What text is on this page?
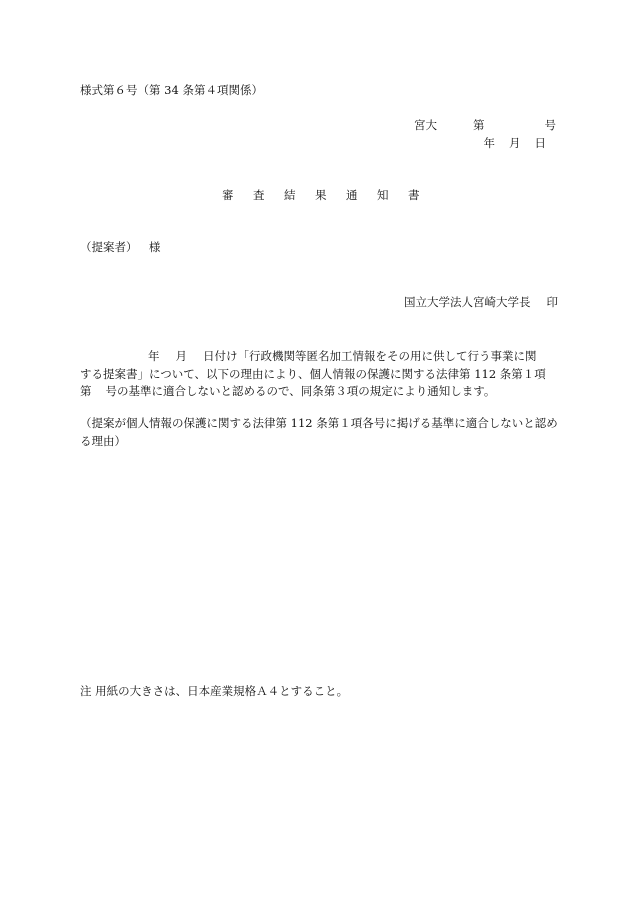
様式第６号（第 34 条第４項関係）
宮大	第	号
年 月 日
審査結果通知書
（提案者） 様
国立大学法人宮崎大学長 印
年 月 日付け「行政機関等匿名加工情報をその用に供して行う事業に関
する提案書」について、以下の理由により、個人情報の保護に関する法律第 112 条第１項
第 号の基準に適合しないと認めるので、同条第３項の規定により通知します。
（提案が個人情報の保護に関する法律第 112 条第１項各号に掲げる基準に適合しないと認める理由）
注 用紙の大きさは、日本産業規格Ａ４とすること。
